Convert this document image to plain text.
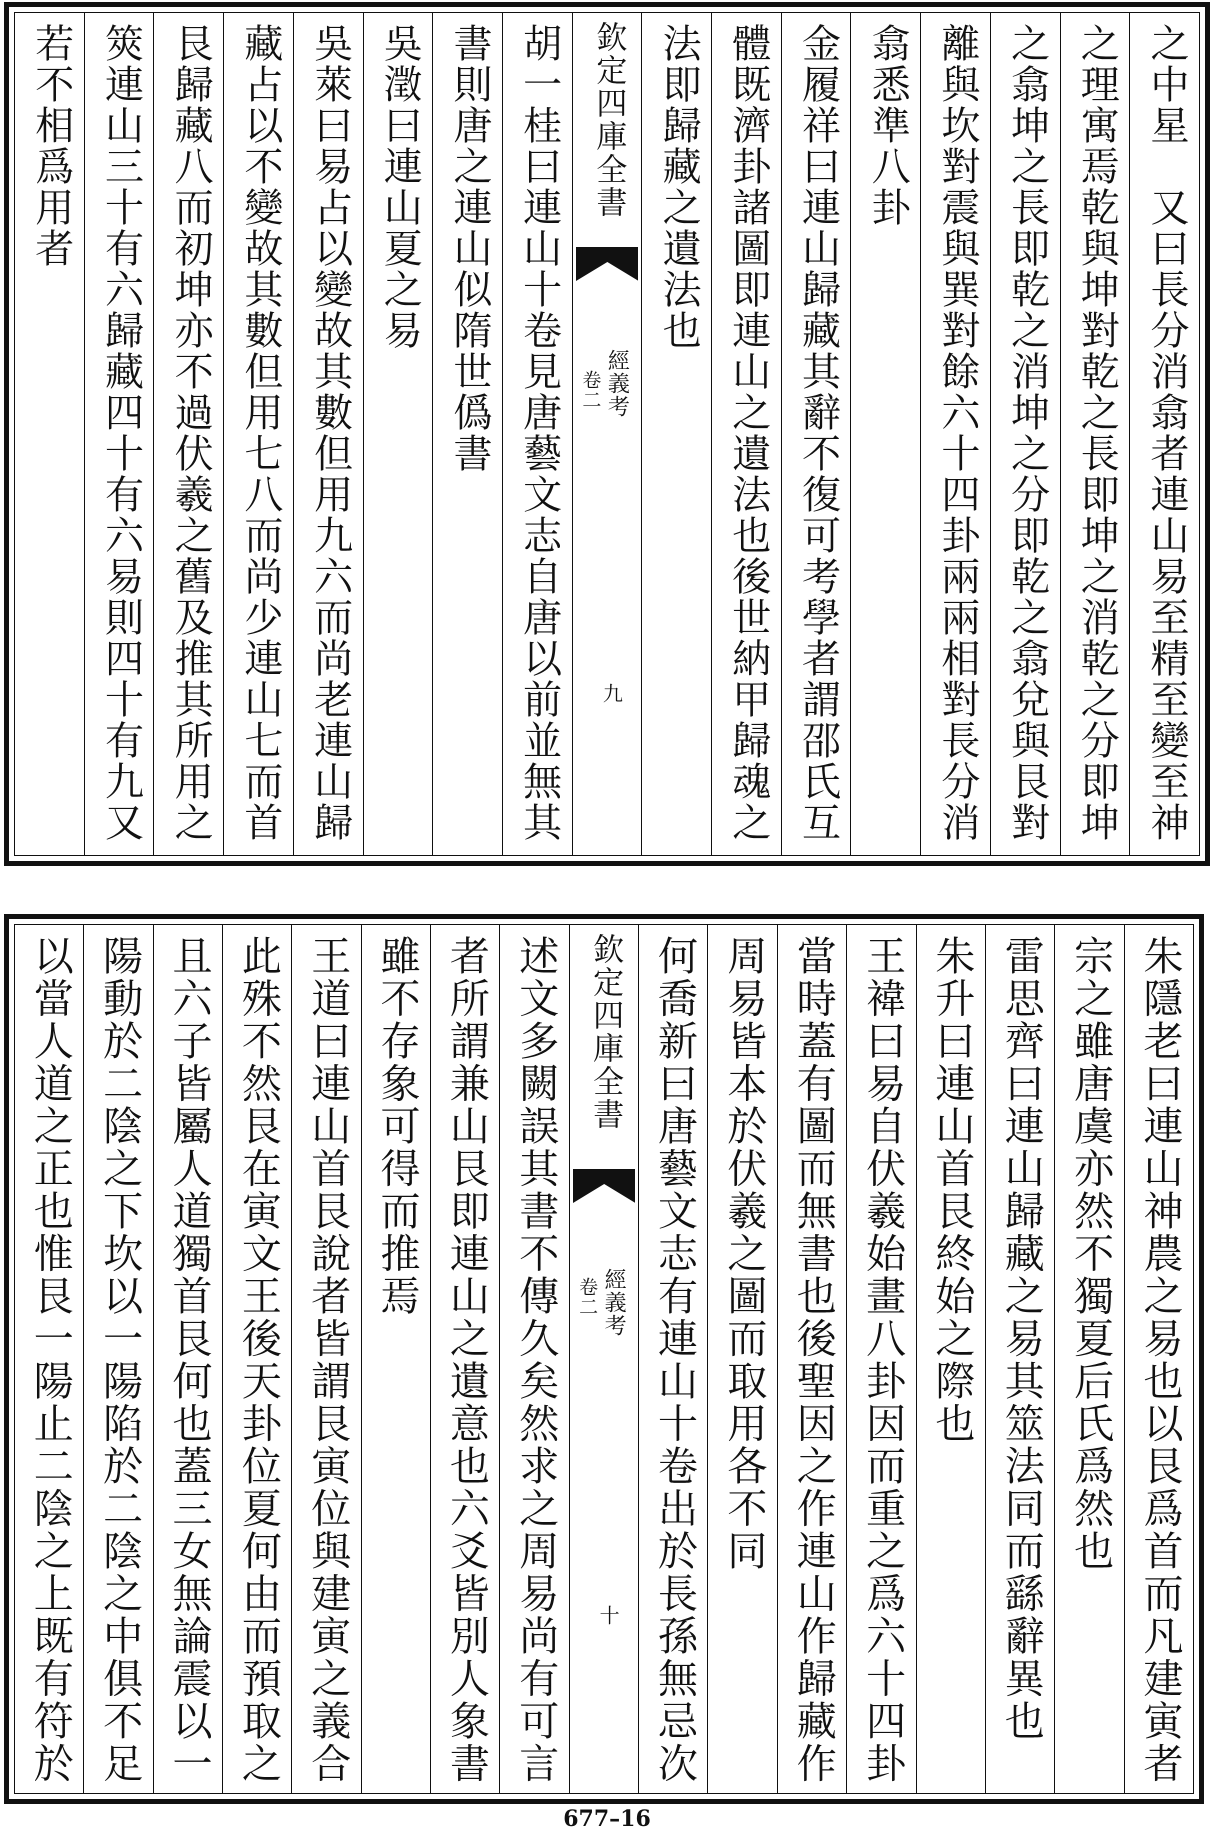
之中星　又曰長分消翕者連山易至精至變至神
之理寓焉乾與坤對乾之長即坤之消乾之分即坤
之翕坤之長即乾之消坤之分即乾之翕兌與艮對
離與坎對震與巽對餘六十四卦兩兩相對長分消
翕悉準八卦
金履祥曰連山歸藏其辭不復可考學者謂邵氏互
體既濟卦諸圖即連山之遺法也後世納甲歸魂之
法即歸藏之遺法也
欽定四庫全書
經義考
卷二
九
胡一桂曰連山十卷見唐藝文志自唐以前並無其
書則唐之連山似隋世僞書
吳澂曰連山夏之易
吳萊曰易占以變故其數但用九六而尚老連山歸
藏占以不變故其數但用七八而尚少連山七而首
艮歸藏八而初坤亦不過伏羲之舊及推其所用之
筴連山三十有六歸藏四十有六易則四十有九又
若不相爲用者
朱隱老曰連山神農之易也以艮爲首而凡建寅者
宗之雖唐虞亦然不獨夏后氏爲然也
雷思齊曰連山歸藏之易其筮法同而繇辭異也
朱升曰連山首艮終始之際也
王褘曰易自伏羲始畫八卦因而重之爲六十四卦
當時蓋有圖而無書也後聖因之作連山作歸藏作
周易皆本於伏羲之圖而取用各不同
何喬新曰唐藝文志有連山十卷出於長孫無忌次
欽定四庫全書
經義考
卷二
十
述文多闕誤其書不傳久矣然求之周易尚有可言
者所謂兼山艮即連山之遺意也六爻皆別人象書
雖不存象可得而推焉
王道曰連山首艮說者皆謂艮寅位與建寅之義合
此殊不然艮在寅文王後天卦位夏何由而預取之
且六子皆屬人道獨首艮何也蓋三女無論震以一
陽動於二陰之下坎以一陽陷於二陰之中俱不足
以當人道之正也惟艮一陽止二陰之上既有符於
677–16
